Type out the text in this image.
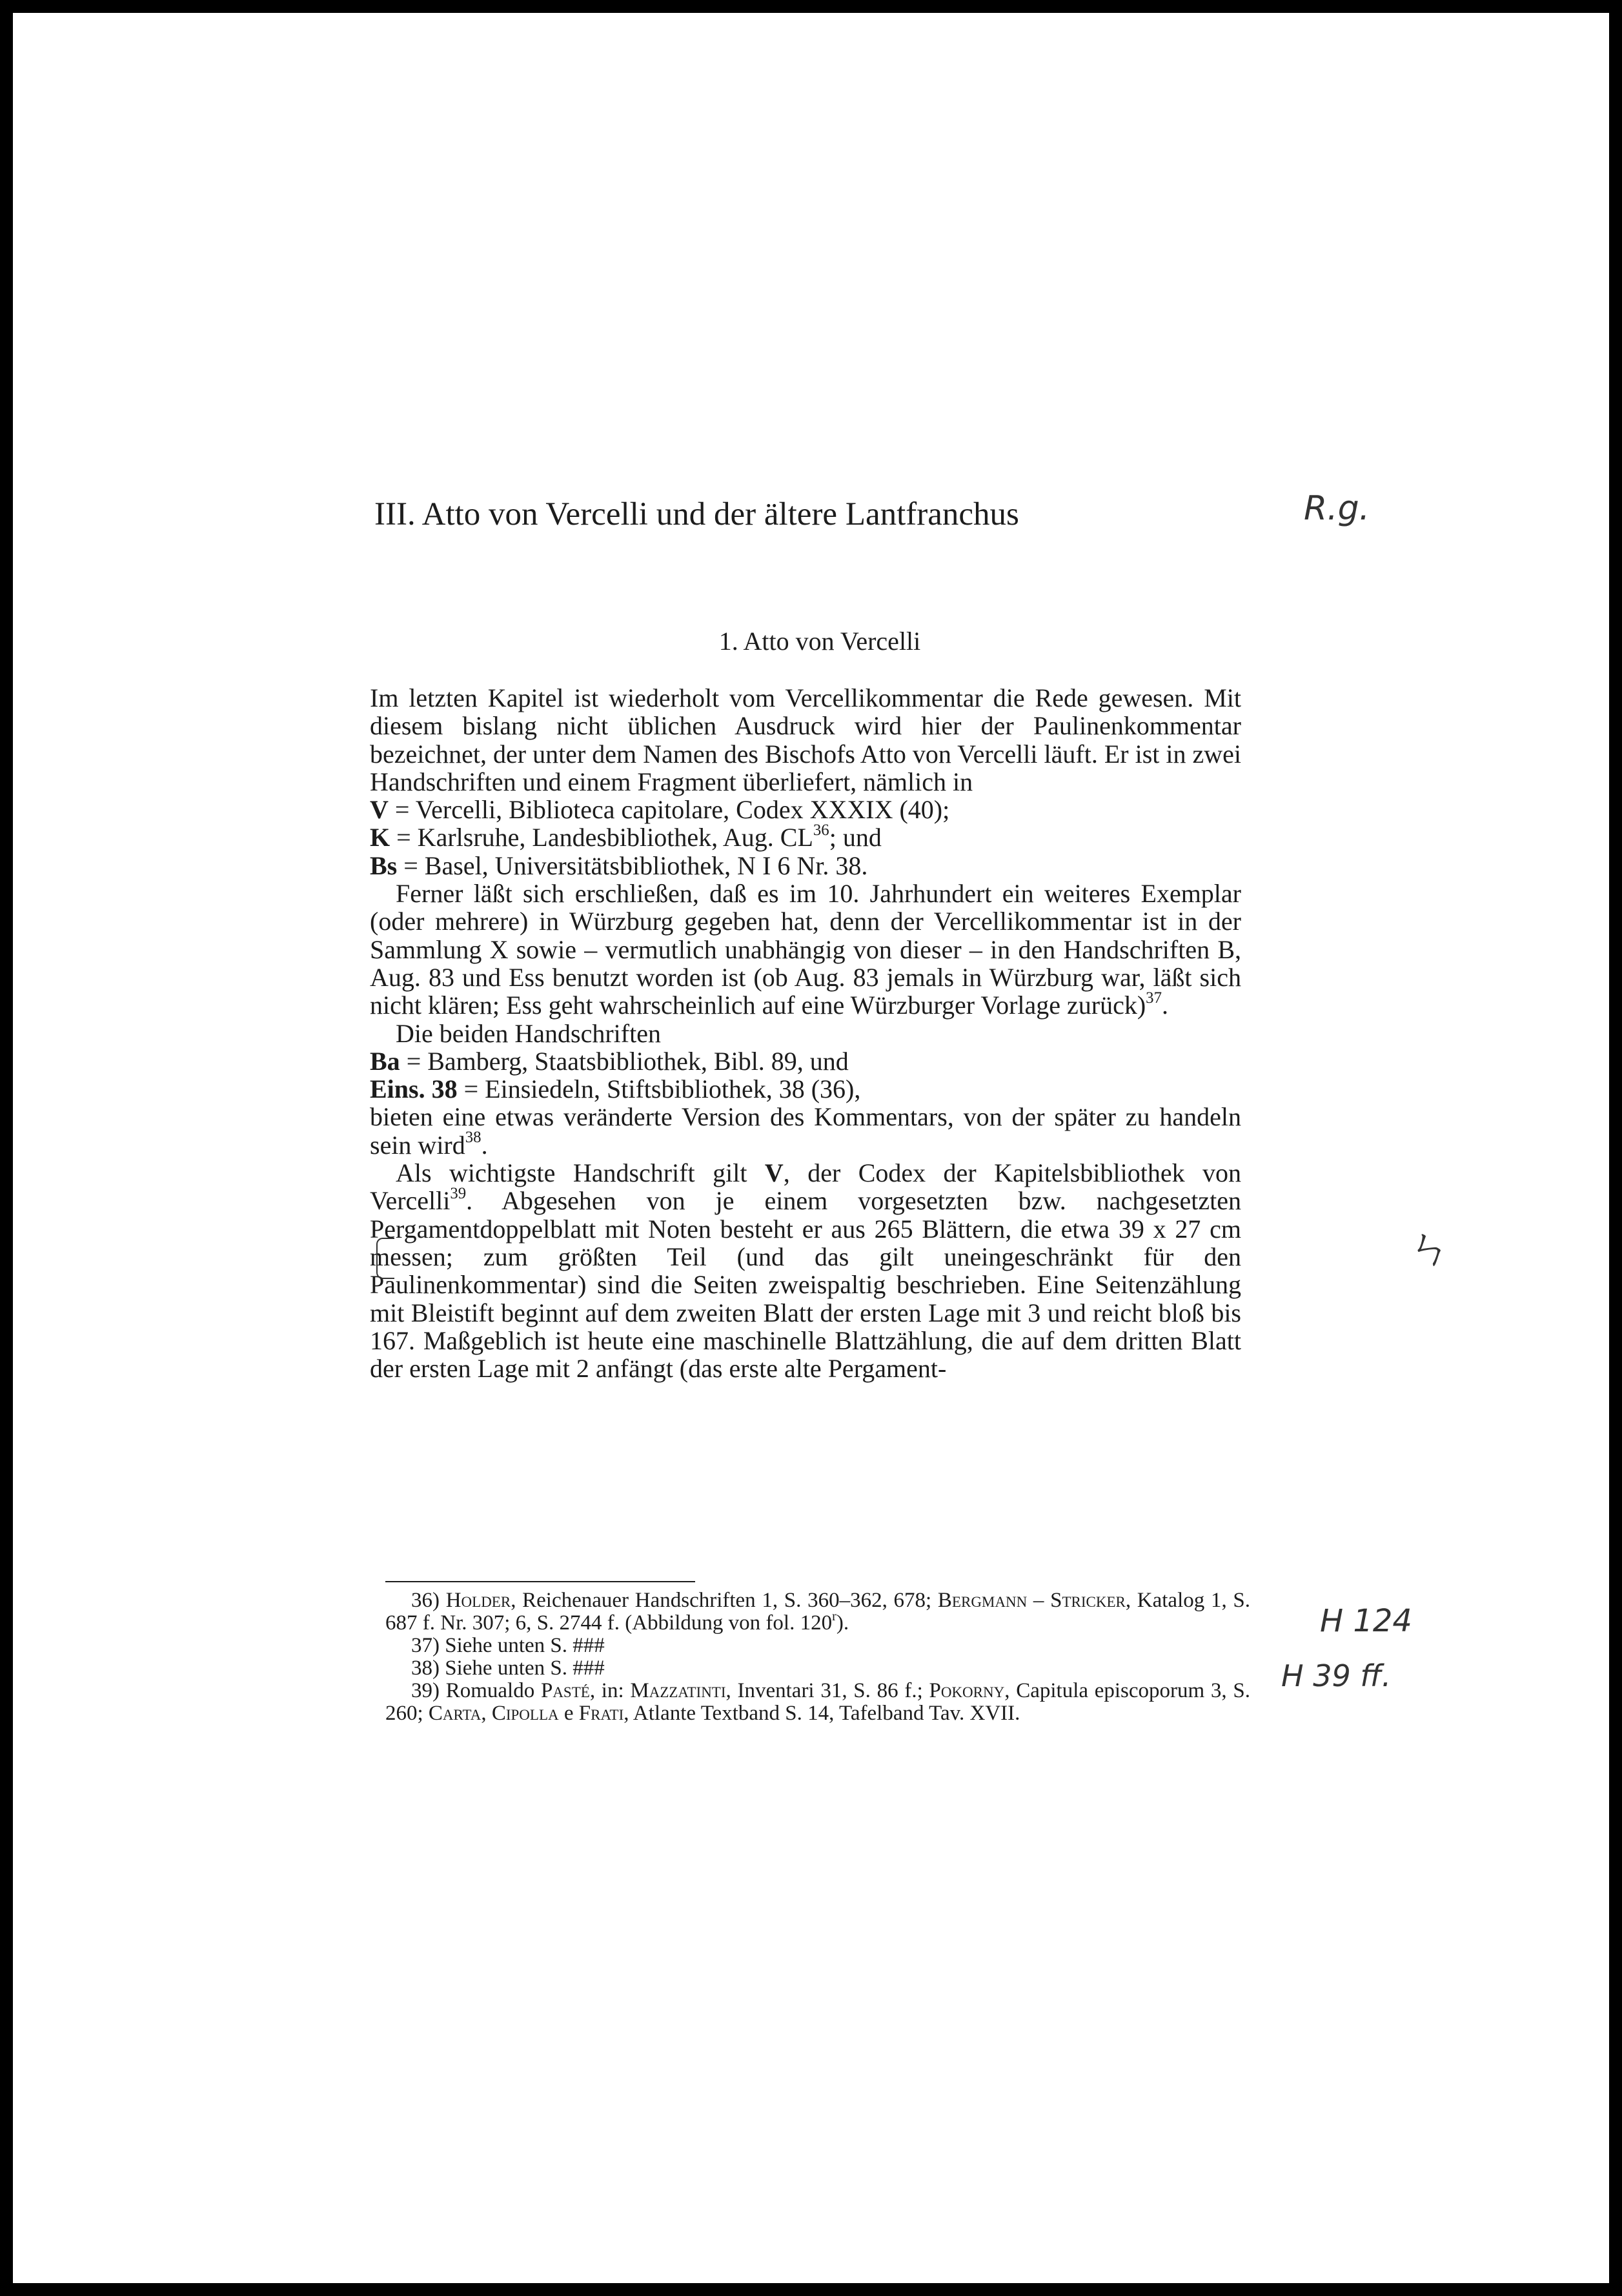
III. Atto von Vercelli und der ältere Lantfranchus
1. Atto von Vercelli

Im letzten Kapitel ist wiederholt vom Vercellikommentar die Rede gewesen. Mit diesem bislang nicht üblichen Ausdruck wird hier der Paulinenkommentar bezeichnet, der unter dem Namen des Bischofs Atto von Vercelli läuft. Er ist in zwei Handschriften und einem Fragment überliefert, nämlich in

V = Vercelli, Biblioteca capitolare, Codex XXXIX (40);

K = Karlsruhe, Landesbibliothek, Aug. CL$^{36}$; und

Bs = Basel, Universitätsbibliothek, N I 6 Nr. 38.

Ferner läßt sich erschließen, daß es im 10. Jahrhundert ein weiteres Exemplar (oder mehrere) in Würzburg gegeben hat, denn der Vercellikommentar ist in der Sammlung X sowie – vermutlich unabhängig von dieser – in den Handschriften B, Aug. 83 und Ess benutzt worden ist (ob Aug. 83 jemals in Würzburg war, läßt sich nicht klären; Ess geht wahrscheinlich auf eine Würzburger Vorlage zurück)$^{37}$.

Die beiden Handschriften

Ba = Bamberg, Staatsbibliothek, Bibl. 89, und

Eins. 38 = Einsiedeln, Stiftsbibliothek, 38 (36),

bieten eine etwas veränderte Version des Kommentars, von der später zu handeln sein wird$^{38}$.

Als wichtigste Handschrift gilt V, der Codex der Kapitelsbibliothek von Vercelli$^{39}$. Abgesehen von je einem vorgesetzten bzw. nachgesetzten Pergamentdoppelblatt mit Noten besteht er aus 265 Blättern, die etwa 39 x 27 cm messen; zum größten Teil (und das gilt uneingeschränkt für den Paulinenkommentar) sind die Seiten zweispaltig beschrieben. Eine Seitenzählung mit Bleistift beginnt auf dem zweiten Blatt der ersten Lage mit 3 und reicht bloß bis 167. Maßgeblich ist heute eine maschinelle Blattzählung, die auf dem dritten Blatt der ersten Lage mit 2 anfängt (das erste alte Pergament-

36) Holder, Reichenauer Handschriften 1, S. 360–362, 678; Bergmann – Stricker, Katalog 1, S. 687 f. Nr. 307; 6, S. 2744 f. (Abbildung von fol. 120$^r$).

37) Siehe unten S. ###

38) Siehe unten S. ###

39) Romualdo Pasté, in: Mazzatinti, Inventari 31, S. 86 f.; Pokorny, Capitula episcoporum 3, S. 260; Carta, Cipolla e Frati, Atlante Textband S. 14, Tafelband Tav. XVII.

R.g.
ㄣ
H 124
H 39 ff.
